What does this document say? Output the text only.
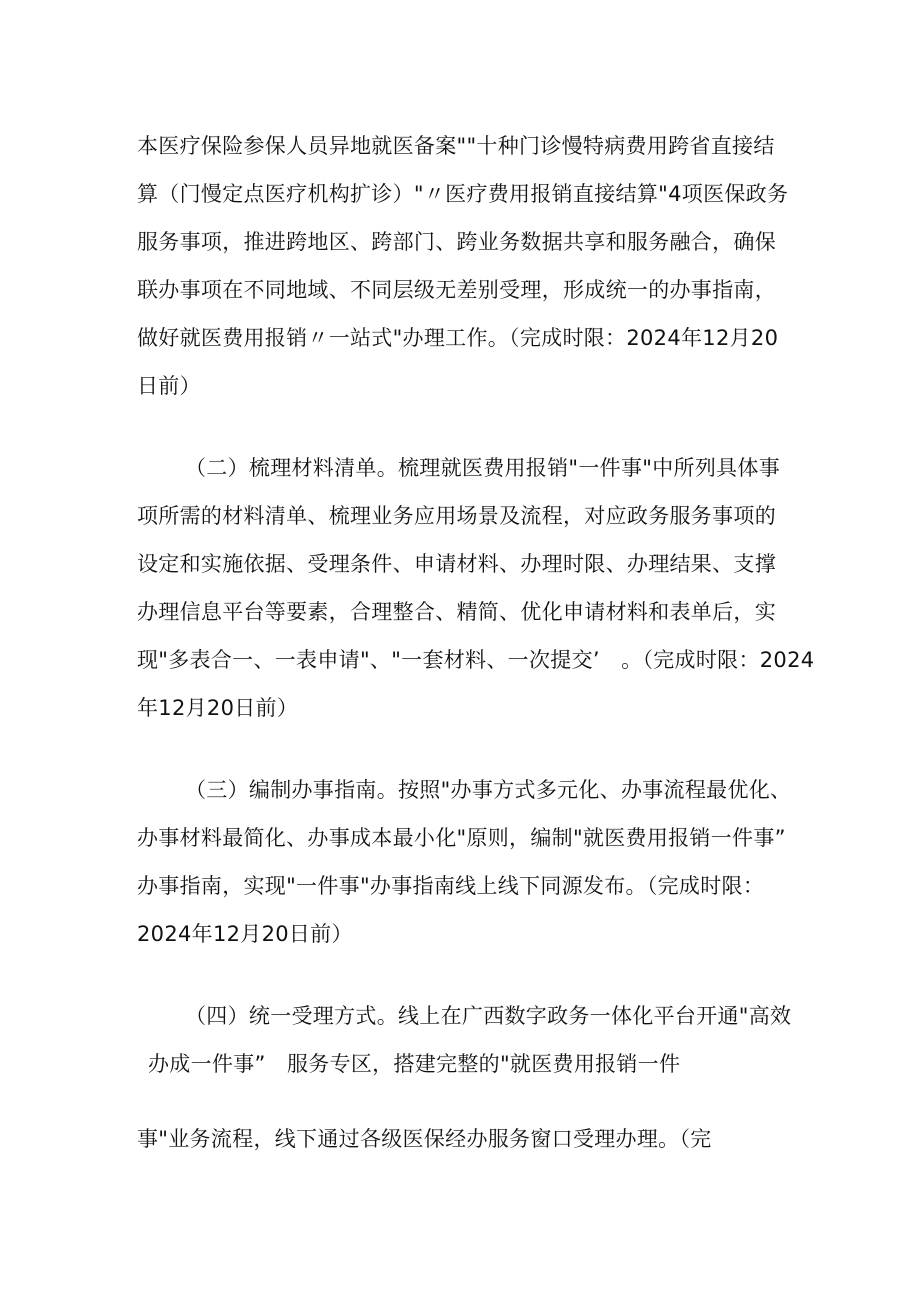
本医疗保险参保人员异地就医备案""十种门诊慢特病费用跨省直接结
算（门慢定点医疗机构扩诊）"〃医疗费用报销直接结算"4项医保政务
服务事项，推进跨地区、跨部门、跨业务数据共享和服务融合，确保
联办事项在不同地域、不同层级无差别受理，形成统一的办事指南，
做好就医费用报销〃一站式"办理工作。（完成时限：2024年12月20
日前）
（二）梳理材料清单。梳理就医费用报销"一件事"中所列具体事
项所需的材料清单、梳理业务应用场景及流程，对应政务服务事项的
设定和实施依据、受理条件、申请材料、办理时限、办理结果、支撑
办理信息平台等要素，合理整合、精简、优化申请材料和表单后，实
现"多表合一、一表申请"、"一套材料、一次提交’　。（完成时限：2024
年12月20日前）
（三）编制办事指南。按照"办事方式多元化、办事流程最优化、
办事材料最简化、办事成本最小化"原则，编制"就医费用报销一件事”
办事指南，实现"一件事"办事指南线上线下同源发布。（完成时限：
2024年12月20日前）
（四）统一受理方式。线上在广西数字政务一体化平台开通"高效
办成一件事”　服务专区，搭建完整的"就医费用报销一件
事"业务流程，线下通过各级医保经办服务窗口受理办理。（完
